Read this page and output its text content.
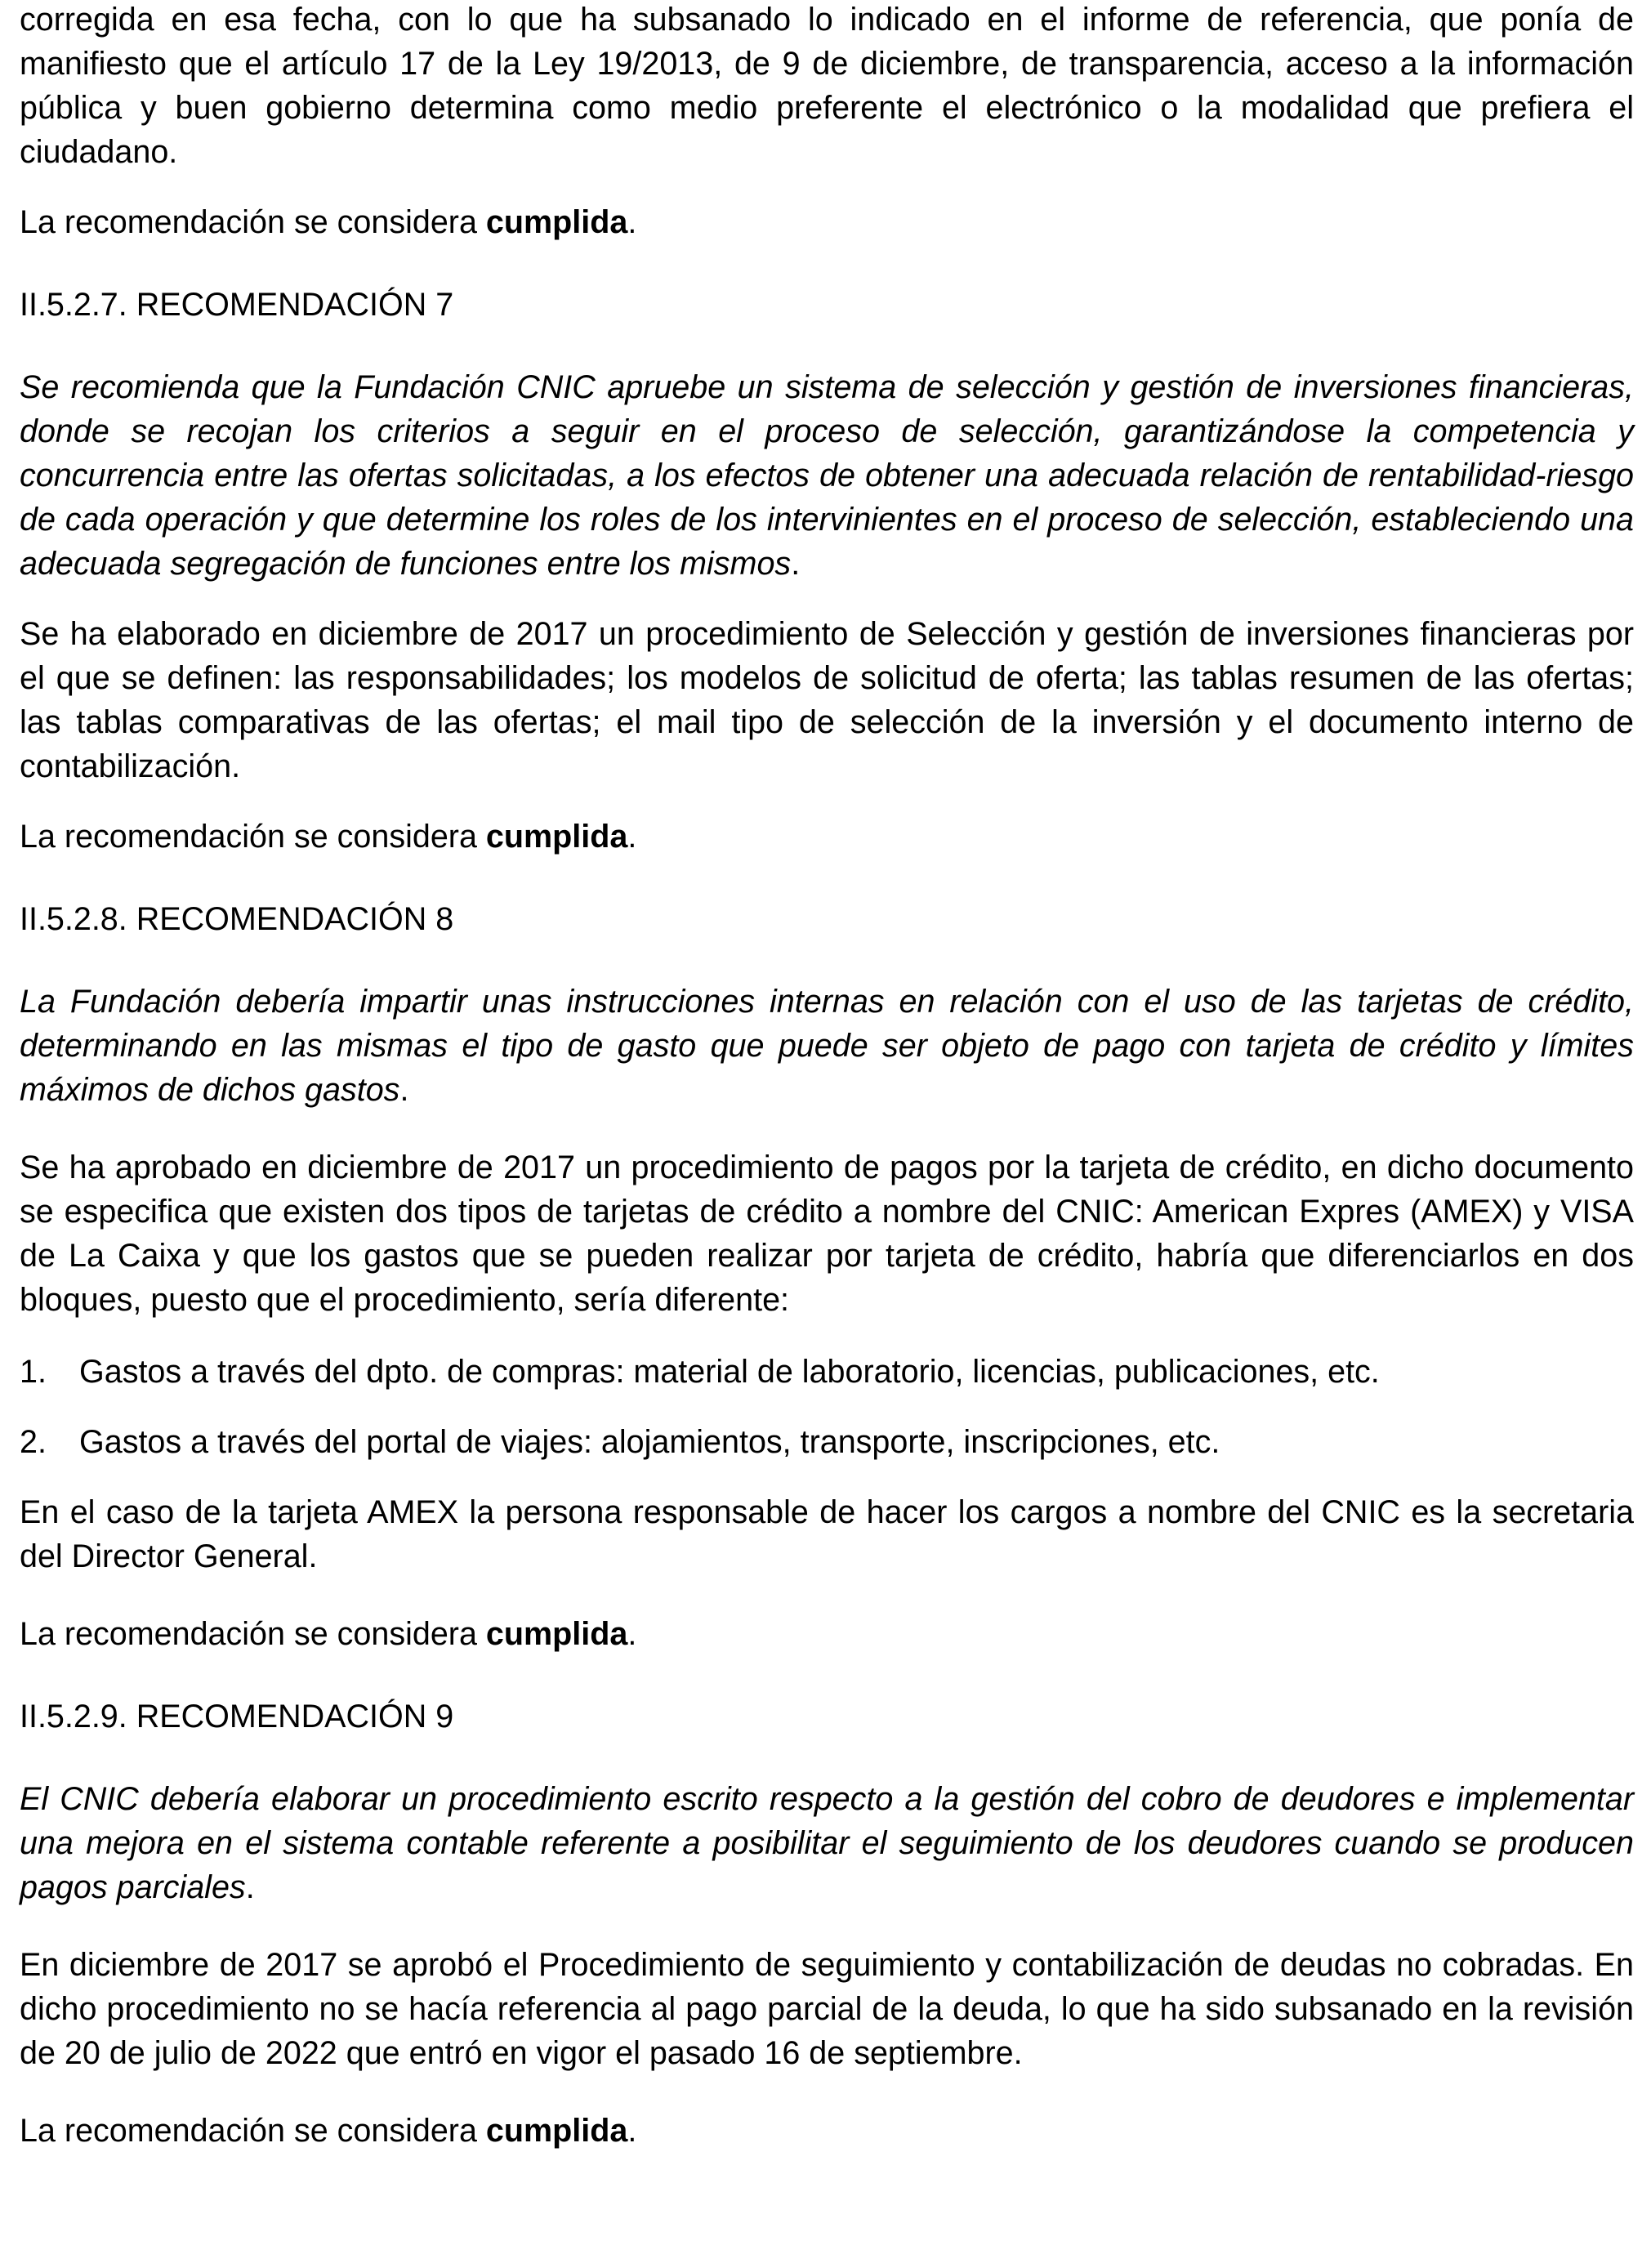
corregida en esa fecha, con lo que ha subsanado lo indicado en el informe de referencia, que ponía de manifiesto que el artículo 17 de la Ley 19/2013, de 9 de diciembre, de transparencia, acceso a la información pública y buen gobierno determina como medio preferente el electrónico o la modalidad que prefiera el ciudadano.

La recomendación se considera cumplida.

II.5.2.7. RECOMENDACIÓN 7

Se recomienda que la Fundación CNIC apruebe un sistema de selección y gestión de inversiones financieras, donde se recojan los criterios a seguir en el proceso de selección, garantizándose la competencia y concurrencia entre las ofertas solicitadas, a los efectos de obtener una adecuada relación de rentabilidad-riesgo de cada operación y que determine los roles de los intervinientes en el proceso de selección, estableciendo una adecuada segregación de funciones entre los mismos.

Se ha elaborado en diciembre de 2017 un procedimiento de Selección y gestión de inversiones financieras por el que se definen: las responsabilidades; los modelos de solicitud de oferta; las tablas resumen de las ofertas; las tablas comparativas de las ofertas; el mail tipo de selección de la inversión y el documento interno de contabilización.

La recomendación se considera cumplida.

II.5.2.8. RECOMENDACIÓN 8

La Fundación debería impartir unas instrucciones internas en relación con el uso de las tarjetas de crédito, determinando en las mismas el tipo de gasto que puede ser objeto de pago con tarjeta de crédito y límites máximos de dichos gastos.

Se ha aprobado en diciembre de 2017 un procedimiento de pagos por la tarjeta de crédito, en dicho documento se especifica que existen dos tipos de tarjetas de crédito a nombre del CNIC: American Expres (AMEX) y VISA de La Caixa y que los gastos que se pueden realizar por tarjeta de crédito, habría que diferenciarlos en dos bloques, puesto que el procedimiento, sería diferente:

1. Gastos a través del dpto. de compras: material de laboratorio, licencias, publicaciones, etc.

2. Gastos a través del portal de viajes: alojamientos, transporte, inscripciones, etc.

En el caso de la tarjeta AMEX la persona responsable de hacer los cargos a nombre del CNIC es la secretaria del Director General.

La recomendación se considera cumplida.

II.5.2.9. RECOMENDACIÓN 9

El CNIC debería elaborar un procedimiento escrito respecto a la gestión del cobro de deudores e implementar una mejora en el sistema contable referente a posibilitar el seguimiento de los deudores cuando se producen pagos parciales.

En diciembre de 2017 se aprobó el Procedimiento de seguimiento y contabilización de deudas no cobradas. En dicho procedimiento no se hacía referencia al pago parcial de la deuda, lo que ha sido subsanado en la revisión de 20 de julio de 2022 que entró en vigor el pasado 16 de septiembre.

La recomendación se considera cumplida.
